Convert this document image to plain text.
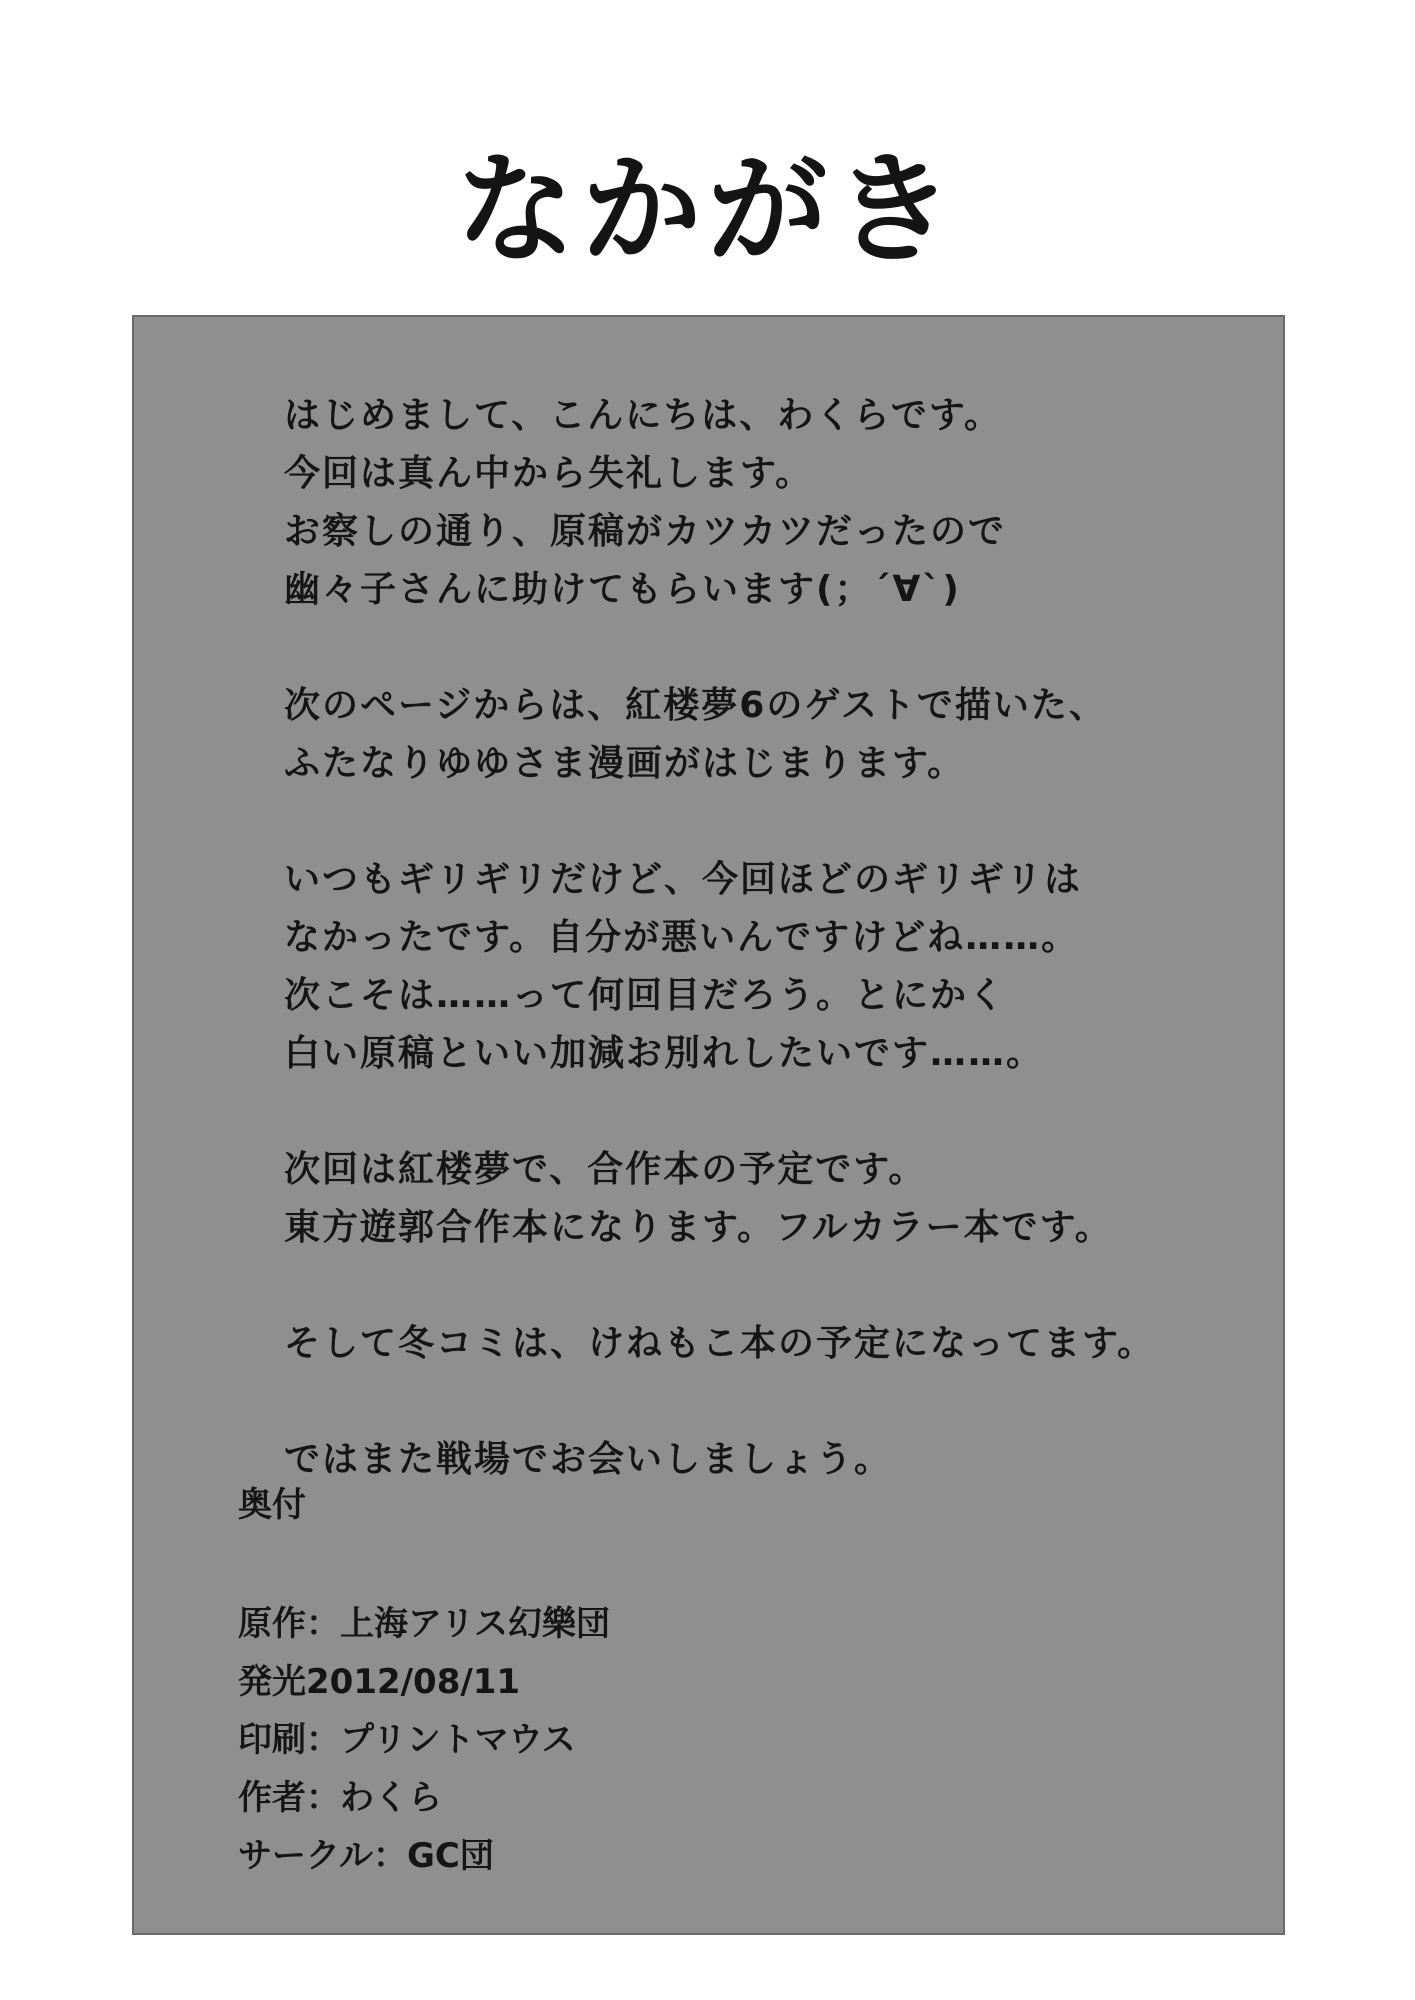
なかがき
はじめまして、こんにちは、わくらです。
今回は真ん中から失礼します。
お察しの通り、原稿がカツカツだったので
幽々子さんに助けてもらいます(；´∀`)
次のページからは、紅楼夢6のゲストで描いた、
ふたなりゆゆさま漫画がはじまります。
いつもギリギリだけど、今回ほどのギリギリは
なかったです。自分が悪いんですけどね……。
次こそは……って何回目だろう。とにかく
白い原稿といい加減お別れしたいです……。
次回は紅楼夢で、合作本の予定です。
東方遊郭合作本になります。フルカラー本です。
そして冬コミは、けねもこ本の予定になってます。
ではまた戦場でお会いしましょう。
奥付
原作：上海アリス幻樂団
発光2012/08/11
印刷：プリントマウス
作者：わくら
サークル：GC団
